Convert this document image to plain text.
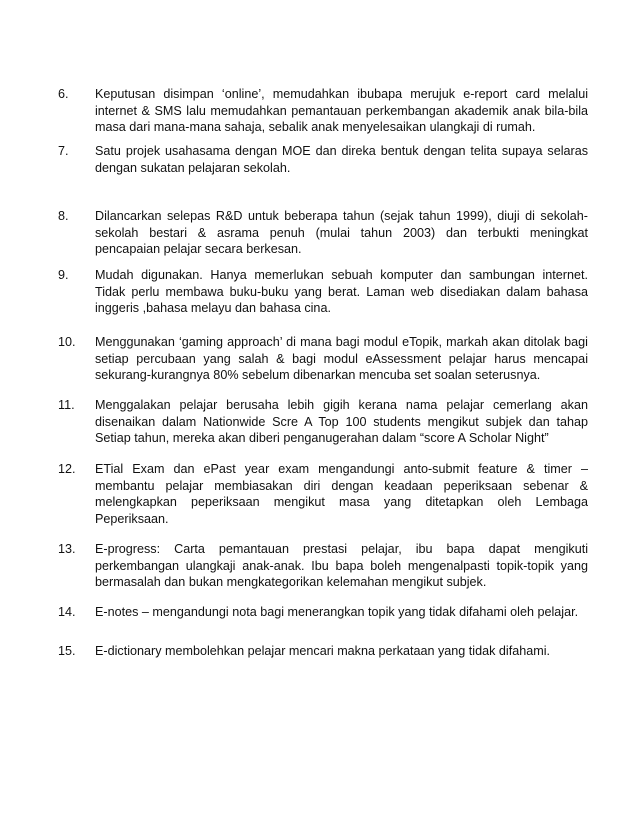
6.	Keputusan disimpan ‘online’, memudahkan ibubapa merujuk e-report card melalui
internet & SMS lalu memudahkan pemantauan perkembangan akademik anak bila-bila
masa dari mana-mana sahaja, sebalik anak menyelesaikan ulangkaji di rumah.
7.	Satu projek usahasama dengan MOE dan direka bentuk dengan telita supaya selaras
dengan sukatan pelajaran sekolah.
8.	Dilancarkan selepas R&D untuk beberapa tahun (sejak tahun 1999), diuji di sekolah-
sekolah bestari & asrama penuh (mulai tahun 2003) dan terbukti meningkat
pencapaian pelajar secara berkesan.
9.	Mudah digunakan. Hanya memerlukan sebuah komputer dan sambungan internet.
Tidak perlu membawa buku-buku yang berat. Laman web disediakan dalam bahasa
inggeris ,bahasa melayu dan bahasa cina.
10.	Menggunakan ‘gaming approach’ di mana bagi modul eTopik, markah akan ditolak bagi
setiap percubaan yang salah & bagi modul eAssessment pelajar harus mencapai
sekurang-kurangnya 80% sebelum dibenarkan mencuba set soalan seterusnya.
11.	Menggalakan pelajar berusaha lebih gigih kerana nama pelajar cemerlang akan
disenaikan dalam Nationwide Scre A Top 100 students mengikut subjek dan tahap
Setiap tahun, mereka akan diberi penganugerahan dalam “score A Scholar Night”
12.	ETial Exam dan ePast year exam mengandungi anto-submit feature & timer –
membantu pelajar membiasakan diri dengan keadaan peperiksaan sebenar &
melengkapkan peperiksaan mengikut masa yang ditetapkan oleh Lembaga
Peperiksaan.
13.	E-progress: Carta pemantauan prestasi pelajar, ibu bapa dapat mengikuti
perkembangan ulangkaji anak-anak. Ibu bapa boleh mengenalpasti topik-topik yang
bermasalah dan bukan mengkategorikan kelemahan mengikut subjek.
14.	E-notes – mengandungi nota bagi menerangkan topik yang tidak difahami oleh pelajar.
15.	E-dictionary membolehkan pelajar mencari makna perkataan yang tidak difahami.
